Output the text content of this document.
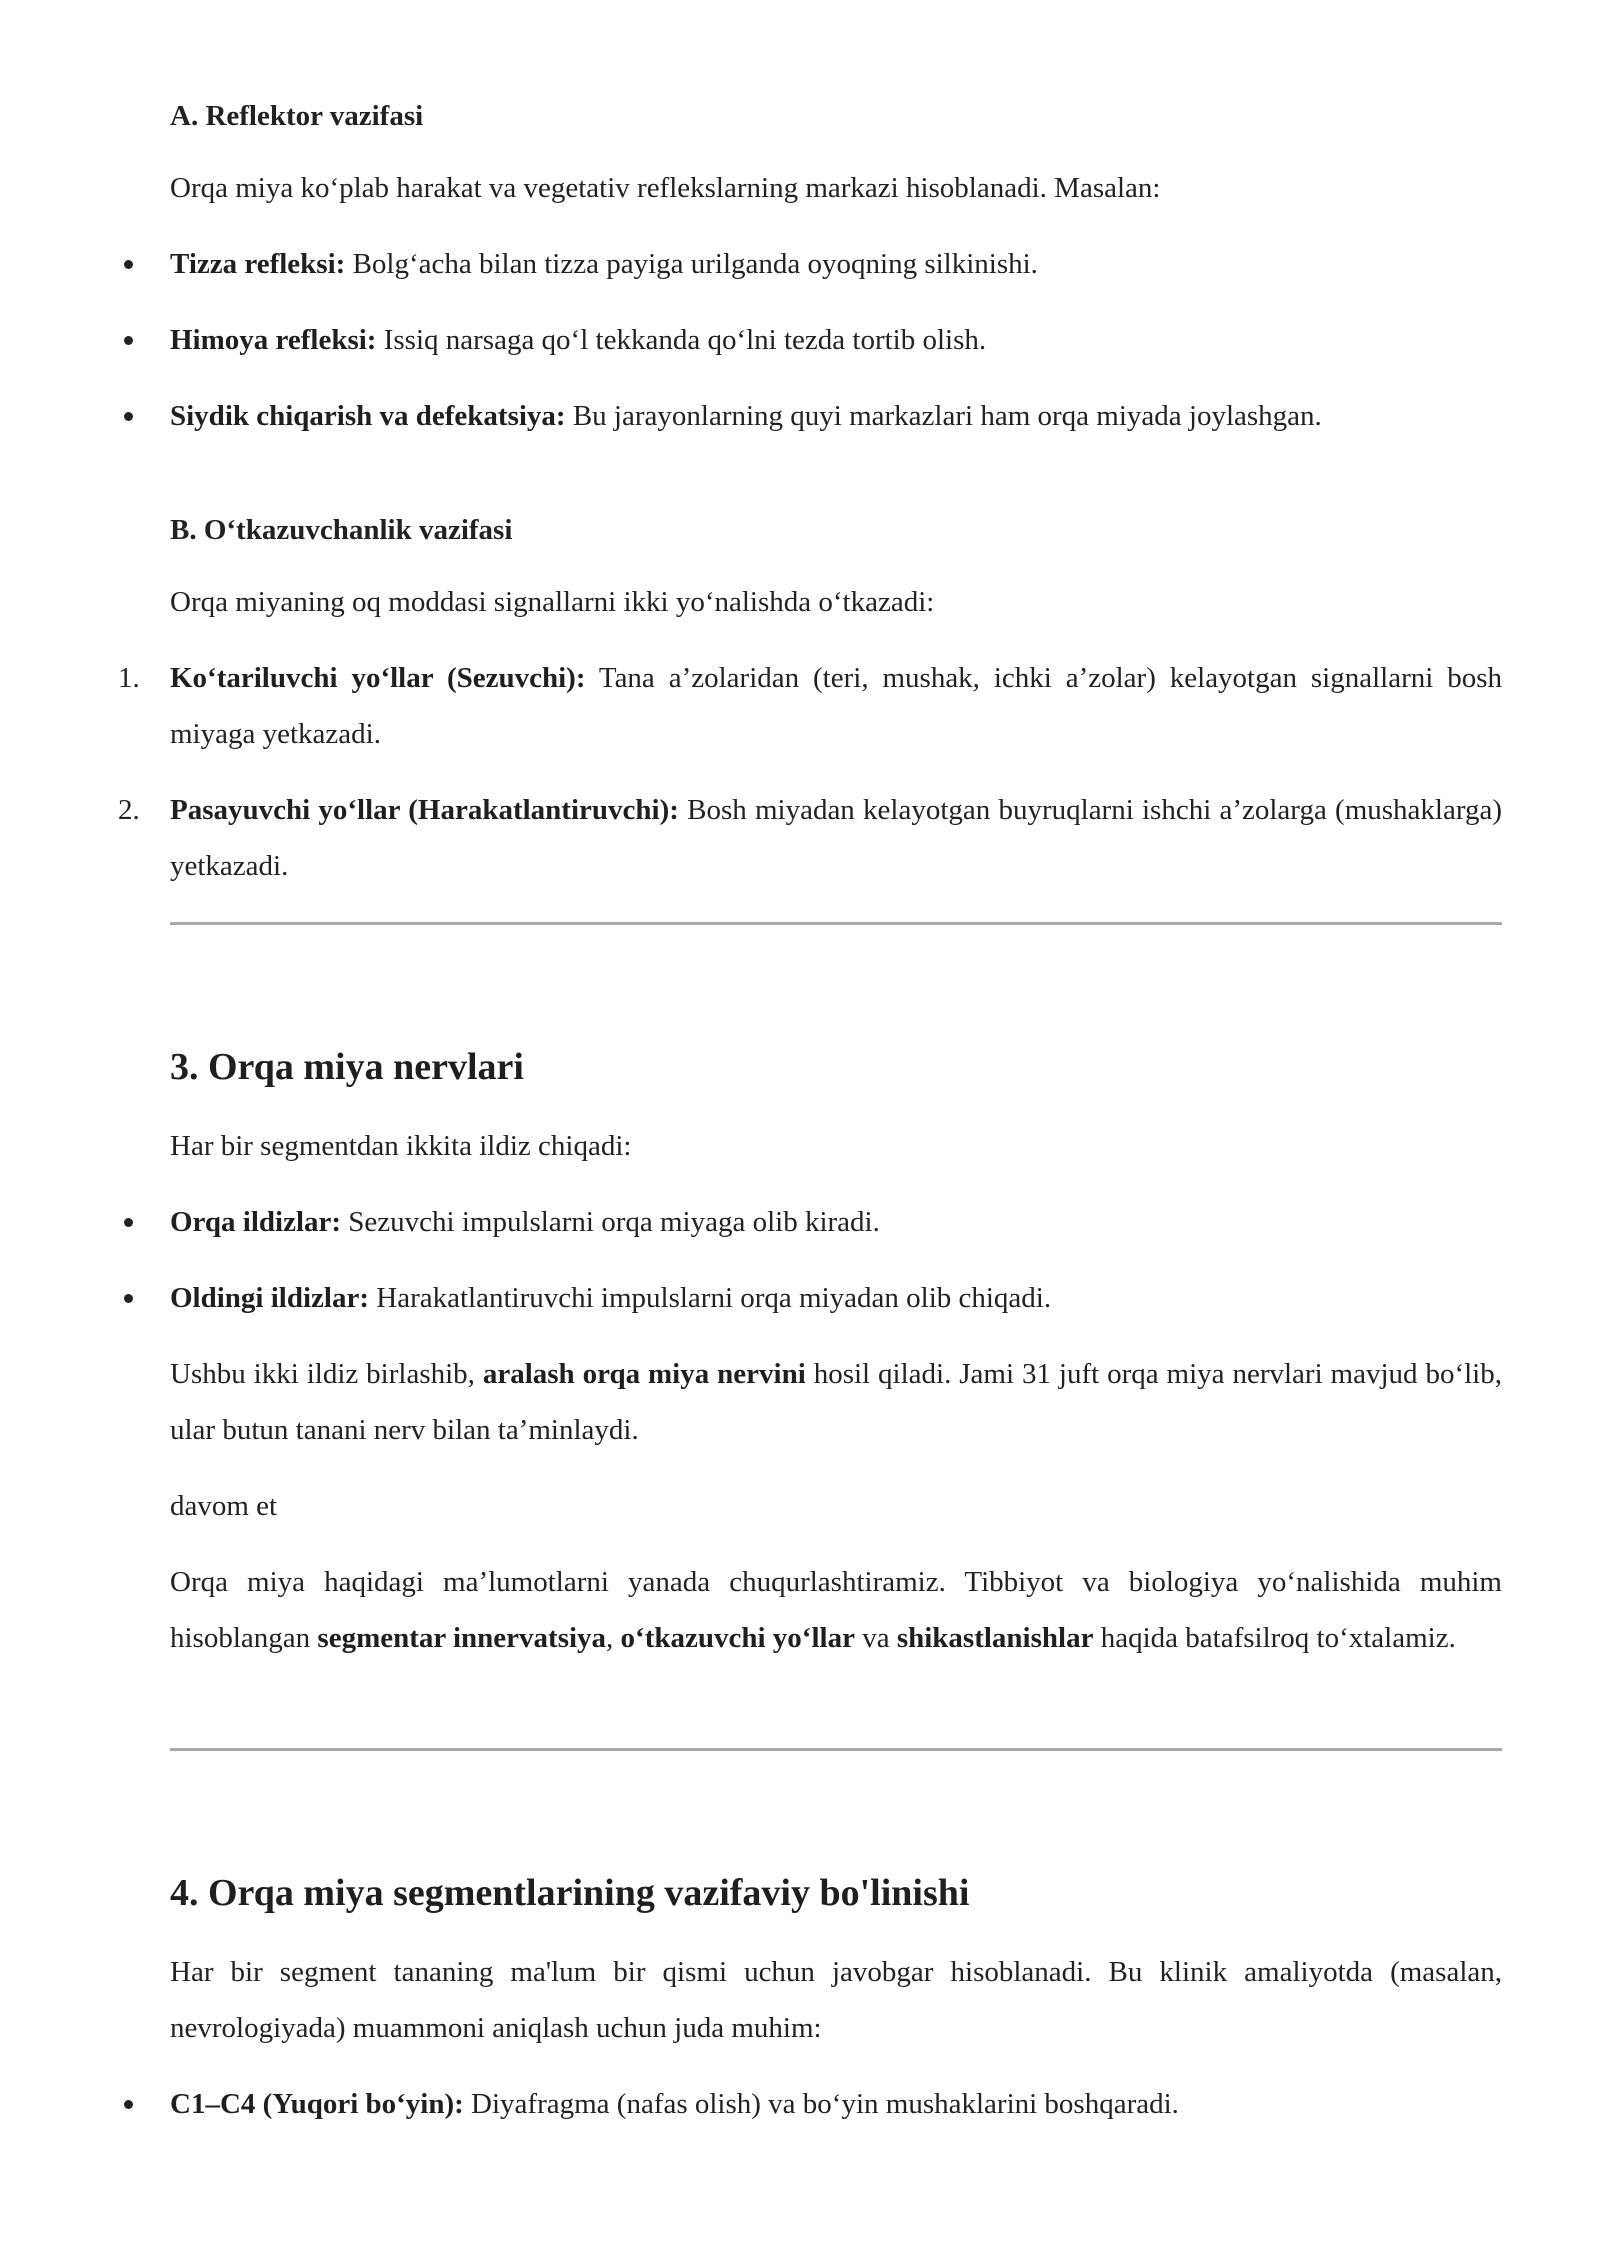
A. Reflektor vazifasi

Orqa miya ko‘plab harakat va vegetativ reflekslarning markazi hisoblanadi. Masalan:

Tizza refleksi: Bolg‘acha bilan tizza payiga urilganda oyoqning silkinishi.
Himoya refleksi: Issiq narsaga qo‘l tekkanda qo‘lni tezda tortib olish.
Siydik chiqarish va defekatsiya: Bu jarayonlarning quyi markazlari ham orqa miyada joylashgan.

B. O‘tkazuvchanlik vazifasi

Orqa miyaning oq moddasi signallarni ikki yo‘nalishda o‘tkazadi:

1.	Ko‘tariluvchi yo‘llar (Sezuvchi): Tana a’zolaridan (teri, mushak, ichki a’zolar) kelayotgan signallarni bosh miyaga yetkazadi.
2.	Pasayuvchi yo‘llar (Harakatlantiruvchi): Bosh miyadan kelayotgan buyruqlarni ishchi a’zolarga (mushaklarga) yetkazadi.

3. Orqa miya nervlari

Har bir segmentdan ikkita ildiz chiqadi:

Orqa ildizlar: Sezuvchi impulslarni orqa miyaga olib kiradi.
Oldingi ildizlar: Harakatlantiruvchi impulslarni orqa miyadan olib chiqadi.

Ushbu ikki ildiz birlashib, aralash orqa miya nervini hosil qiladi. Jami 31 juft orqa miya nervlari mavjud bo‘lib, ular butun tanani nerv bilan ta’minlaydi.

davom et

Orqa miya haqidagi ma’lumotlarni yanada chuqurlashtiramiz. Tibbiyot va biologiya yo‘nalishida muhim hisoblangan segmentar innervatsiya, o‘tkazuvchi yo‘llar va shikastlanishlar haqida batafsilroq to‘xtalamiz.

4. Orqa miya segmentlarining vazifaviy bo'linishi

Har bir segment tananing ma'lum bir qismi uchun javobgar hisoblanadi. Bu klinik amaliyotda (masalan, nevrologiyada) muammoni aniqlash uchun juda muhim:

C1–C4 (Yuqori bo‘yin): Diyafragma (nafas olish) va bo‘yin mushaklarini boshqaradi.
